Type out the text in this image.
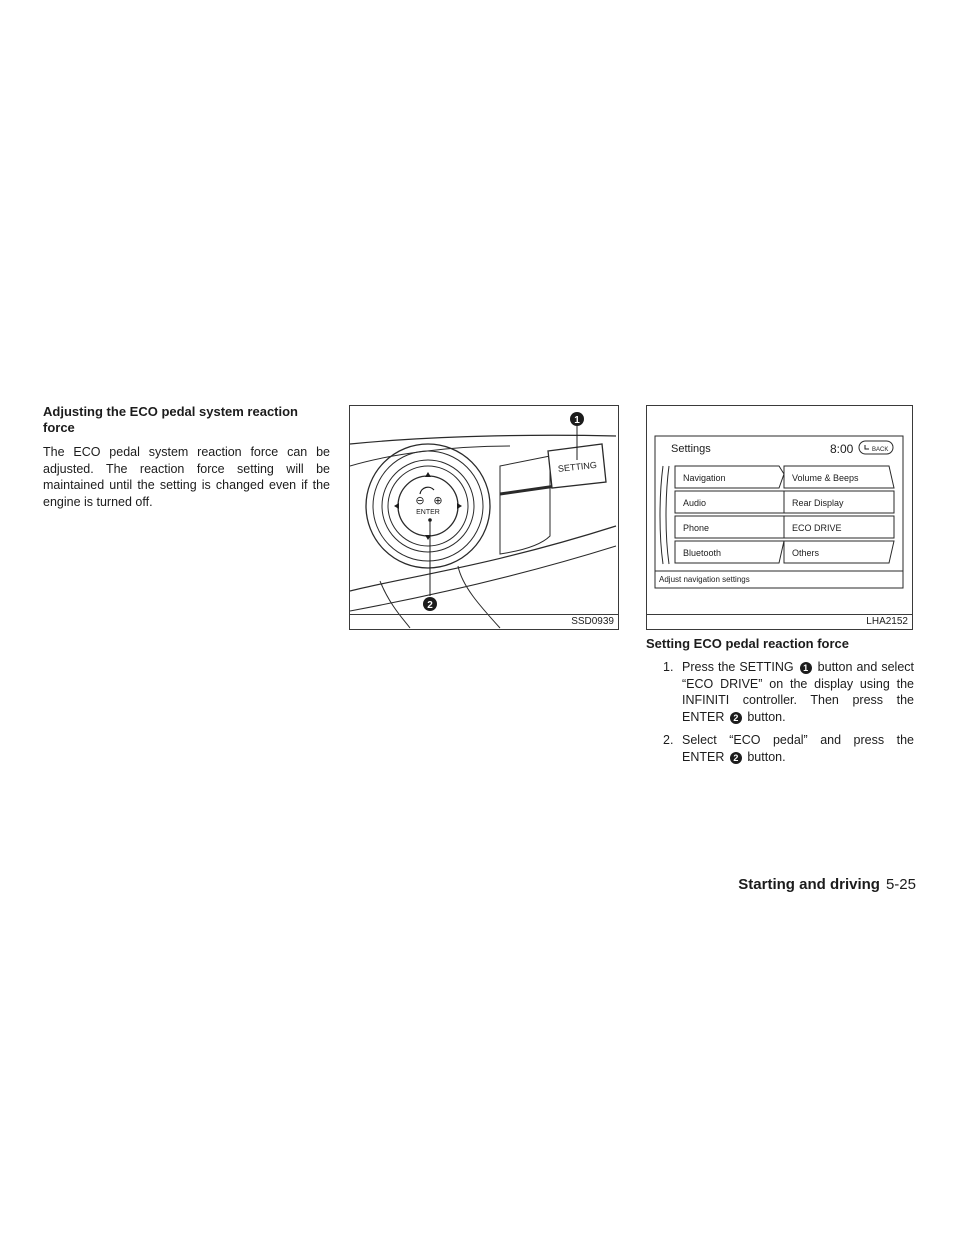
Adjusting the ECO pedal system reaction force

The ECO pedal system reaction force can be adjusted. The reaction force setting will be maintained until the setting is changed even if the engine is turned off.

SETTING
1
⊖ ⊕
ENTER
2
SSD0939
Settings	8:00	BACK
Navigation
Audio
Phone
Bluetooth
Volume & Beeps
Rear Display
ECO DRIVE
Others
Adjust navigation settings
LHA2152
Setting ECO pedal reaction force
1. Press the SETTING 1 button and select “ECO DRIVE” on the display using the INFINITI controller. Then press the ENTER 2 button.
2. Select “ECO pedal” and press the ENTER 2 button.
Starting and driving 5-25
